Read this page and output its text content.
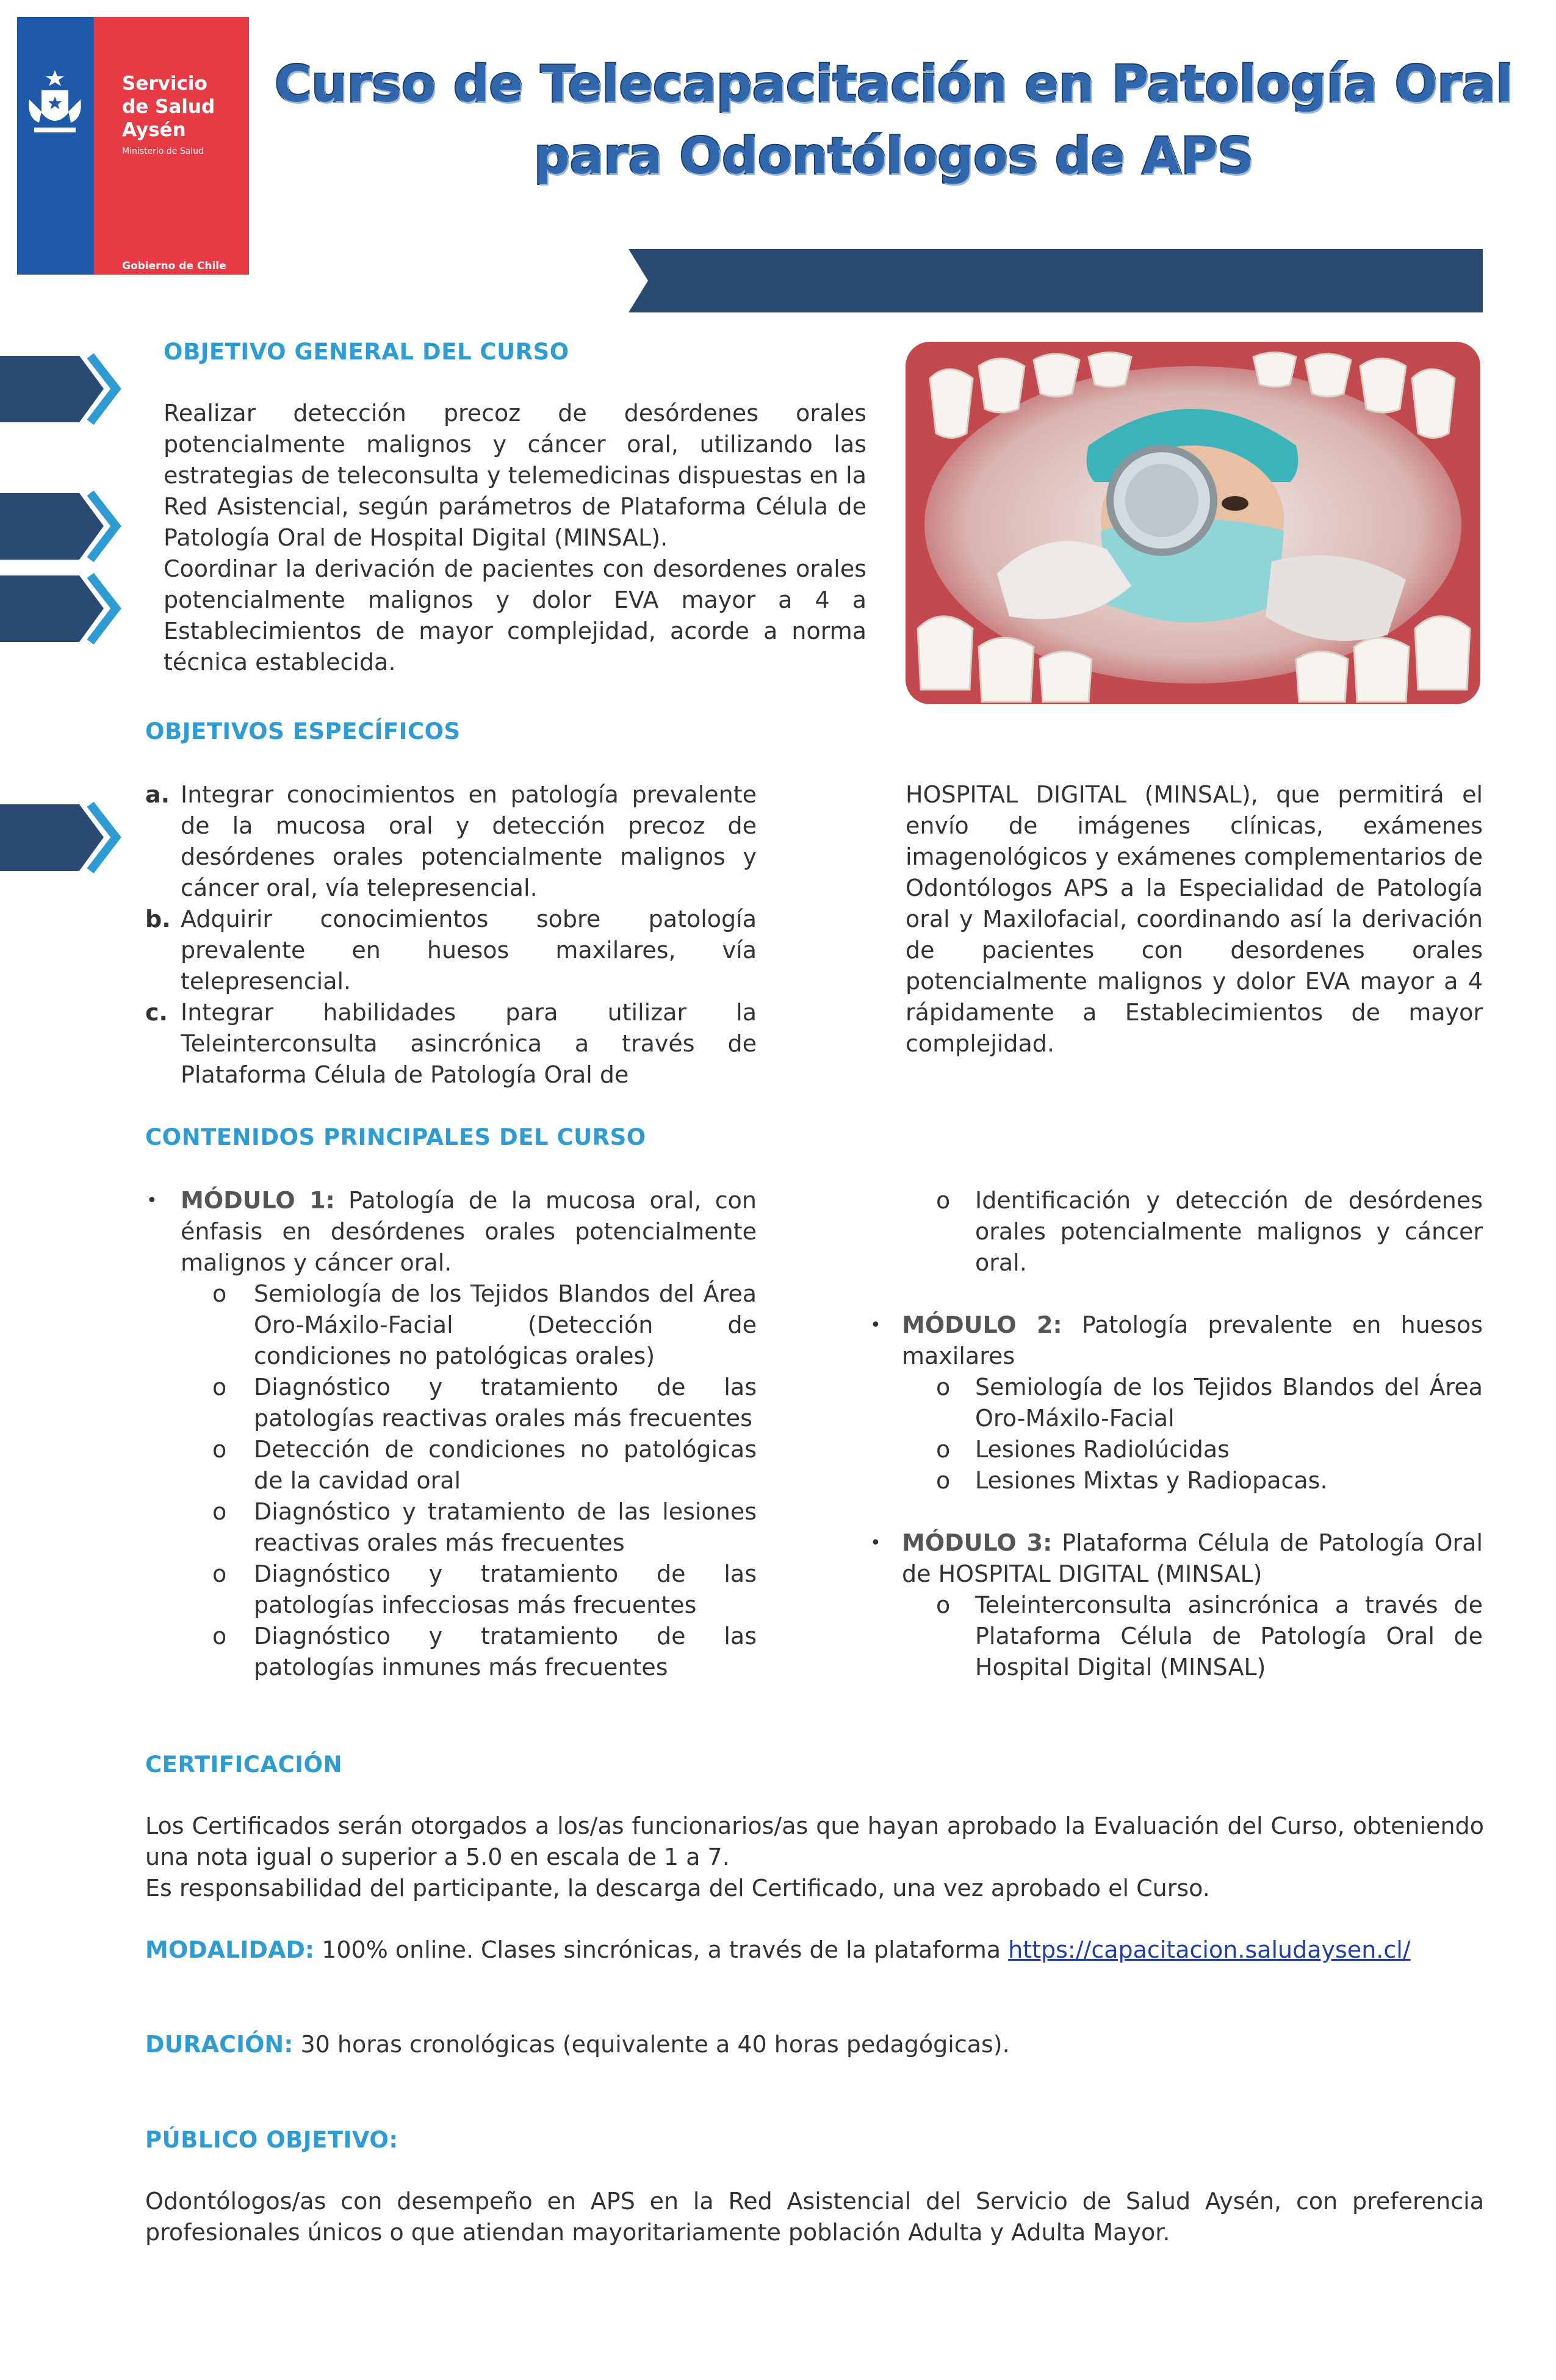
Servicio
de Salud
Aysén
Ministerio de Salud
Gobierno de Chile
Curso de Telecapacitación en Patología Oral
para Odontólogos de APS
OBJETIVO GENERAL DEL CURSO
Realizar detección precoz de desórdenes orales potencialmente malignos y cáncer oral, utilizando las estrategias de teleconsulta y telemedicinas dispuestas en la Red Asistencial, según parámetros de Plataforma Célula de Patología Oral de Hospital Digital (MINSAL).
Coordinar la derivación de pacientes con desordenes orales potencialmente malignos y dolor EVA mayor a 4 a Establecimientos de mayor complejidad, acorde a norma técnica establecida.
OBJETIVOS ESPECÍFICOS
a. Integrar conocimientos en patología prevalente de la mucosa oral y detección precoz de desórdenes orales potencialmente malignos y cáncer oral, vía telepresencial.
b. Adquirir conocimientos sobre patología prevalente en huesos maxilares, vía telepresencial.
c. Integrar habilidades para utilizar la Teleinterconsulta asincrónica a través de Plataforma Célula de Patología Oral de
HOSPITAL DIGITAL (MINSAL), que permitirá el envío de imágenes clínicas, exámenes imagenológicos y exámenes complementarios de Odontólogos APS a la Especialidad de Patología oral y Maxilofacial, coordinando así la derivación de pacientes con desordenes orales potencialmente malignos y dolor EVA mayor a 4 rápidamente a Establecimientos de mayor complejidad.
CONTENIDOS PRINCIPALES DEL CURSO
• MÓDULO 1: Patología de la mucosa oral, con énfasis en desórdenes orales potencialmente malignos y cáncer oral.
o Semiología de los Tejidos Blandos del Área Oro-Máxilo-Facial (Detección de condiciones no patológicas orales)
o Diagnóstico y tratamiento de las patologías reactivas orales más frecuentes
o Detección de condiciones no patológicas de la cavidad oral
o Diagnóstico y tratamiento de las lesiones reactivas orales más frecuentes
o Diagnóstico y tratamiento de las patologías infecciosas más frecuentes
o Diagnóstico y tratamiento de las patologías inmunes más frecuentes
o Identificación y detección de desórdenes orales potencialmente malignos y cáncer oral.
• MÓDULO 2: Patología prevalente en huesos maxilares
o Semiología de los Tejidos Blandos del Área Oro-Máxilo-Facial
o Lesiones Radiolúcidas
o Lesiones Mixtas y Radiopacas.
• MÓDULO 3: Plataforma Célula de Patología Oral de HOSPITAL DIGITAL (MINSAL)
o Teleinterconsulta asincrónica a través de Plataforma Célula de Patología Oral de Hospital Digital (MINSAL)
CERTIFICACIÓN
Los Certificados serán otorgados a los/as funcionarios/as que hayan aprobado la Evaluación del Curso, obteniendo una nota igual o superior a 5.0 en escala de 1 a 7.
Es responsabilidad del participante, la descarga del Certificado, una vez aprobado el Curso.
MODALIDAD: 100% online. Clases sincrónicas, a través de la plataforma https://capacitacion.saludaysen.cl/
DURACIÓN: 30 horas cronológicas (equivalente a 40 horas pedagógicas).
PÚBLICO OBJETIVO:
Odontólogos/as con desempeño en APS en la Red Asistencial del Servicio de Salud Aysén, con preferencia profesionales únicos o que atiendan mayoritariamente población Adulta y Adulta Mayor.
